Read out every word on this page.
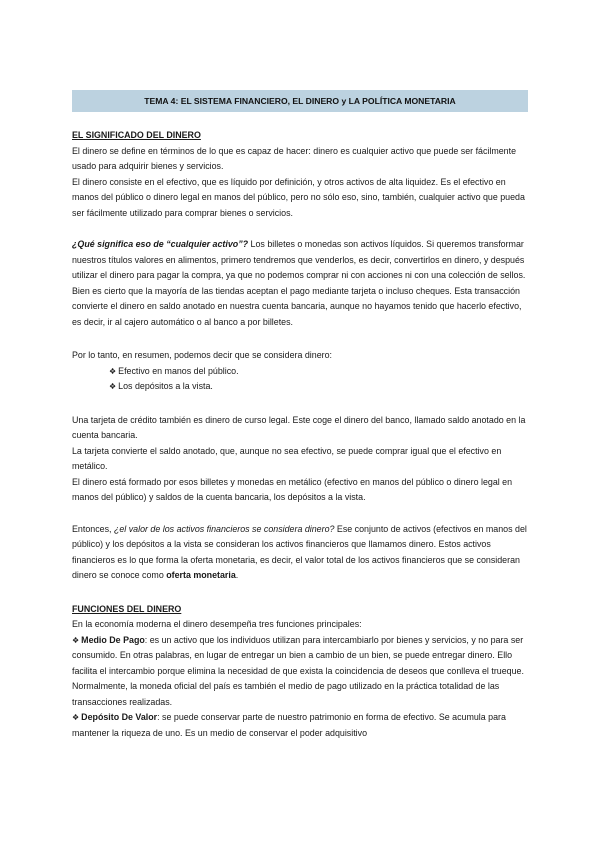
TEMA 4: EL SISTEMA FINANCIERO, EL DINERO y LA POLÍTICA MONETARIA

EL SIGNIFICADO DEL DINERO

El dinero se define en términos de lo que es capaz de hacer: dinero es cualquier activo que puede ser fácilmente usado para adquirir bienes y servicios.

El dinero consiste en el efectivo, que es líquido por definición, y otros activos de alta liquidez. Es el efectivo en manos del público o dinero legal en manos del público, pero no sólo eso, sino, también, cualquier activo que pueda ser fácilmente utilizado para comprar bienes o servicios.

¿Qué significa eso de “cualquier activo”? Los billetes o monedas son activos líquidos. Si queremos transformar nuestros títulos valores en alimentos, primero tendremos que venderlos, es decir, convertirlos en dinero, y después utilizar el dinero para pagar la compra, ya que no podemos comprar ni con acciones ni con una colección de sellos. Bien es cierto que la mayoría de las tiendas aceptan el pago mediante tarjeta o incluso cheques. Esta transacción convierte el dinero en saldo anotado en nuestra cuenta bancaria, aunque no hayamos tenido que hacerlo efectivo, es decir, ir al cajero automático o al banco a por billetes.

Por lo tanto, en resumen, podemos decir que se considera dinero:

❖ Efectivo en manos del público.
❖ Los depósitos a la vista.

Una tarjeta de crédito también es dinero de curso legal. Este coge el dinero del banco, llamado saldo anotado en la cuenta bancaria.

La tarjeta convierte el saldo anotado, que, aunque no sea efectivo, se puede comprar igual que el efectivo en metálico.

El dinero está formado por esos billetes y monedas en metálico (efectivo en manos del público o dinero legal en manos del público) y saldos de la cuenta bancaria, los depósitos a la vista.

Entonces, ¿el valor de los activos financieros se considera dinero? Ese conjunto de activos (efectivos en manos del público) y los depósitos a la vista se consideran los activos financieros que llamamos dinero. Estos activos financieros es lo que forma la oferta monetaria, es decir, el valor total de los activos financieros que se consideran dinero se conoce como oferta monetaria.

FUNCIONES DEL DINERO

En la economía moderna el dinero desempeña tres funciones principales:

❖ Medio De Pago: es un activo que los individuos utilizan para intercambiarlo por bienes y servicios, y no para ser consumido. En otras palabras, en lugar de entregar un bien a cambio de un bien, se puede entregar dinero. Ello facilita el intercambio porque elimina la necesidad de que exista la coincidencia de deseos que conlleva el trueque. Normalmente, la moneda oficial del país es también el medio de pago utilizado en la práctica totalidad de las transacciones realizadas.

❖ Depósito De Valor: se puede conservar parte de nuestro patrimonio en forma de efectivo. Se acumula para mantener la riqueza de uno. Es un medio de conservar el poder adquisitivo
